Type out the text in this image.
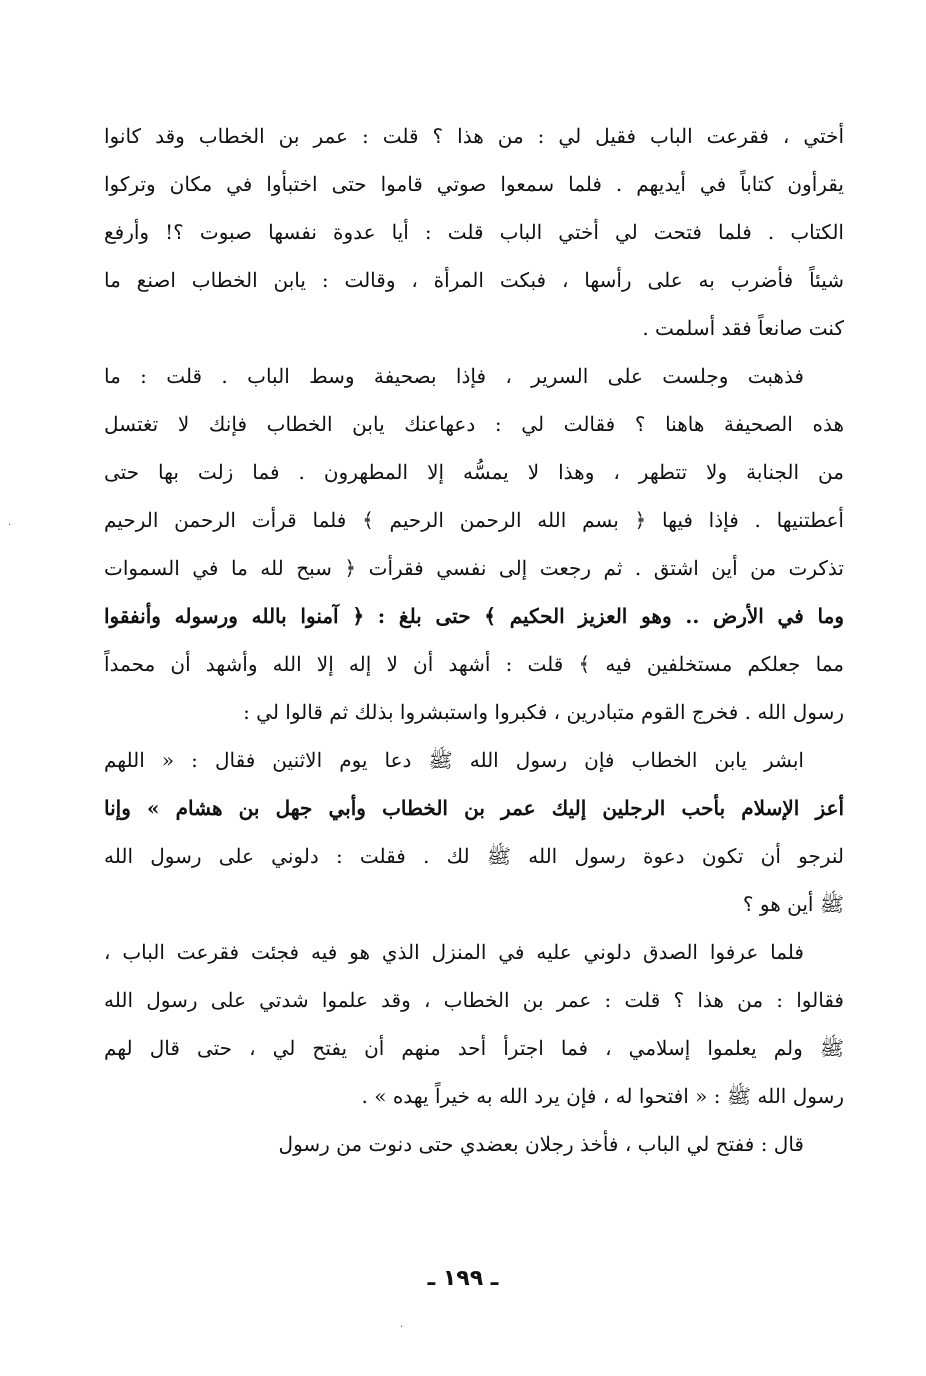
أختي ، فقرعت الباب فقيل لي : من هذا ؟ قلت : عمر بن الخطاب وقد كانوا
يقرأون كتاباً في أيديهم . فلما سمعوا صوتي قاموا حتى اختبأوا في مكان وتركوا
الكتاب . فلما فتحت لي أختي الباب قلت : أيا عدوة نفسها صبوت ؟! وأرفع
شيئاً فأضرب به على رأسها ، فبكت المرأة ، وقالت : يابن الخطاب اصنع ما
كنت صانعاً فقد أسلمت .
فذهبت وجلست على السرير ، فإذا بصحيفة وسط الباب . قلت : ما
هذه الصحيفة هاهنا ؟ فقالت لي : دعهاعنك يابن الخطاب فإنك لا تغتسل
من الجنابة ولا تتطهر ، وهذا لا يمسُّه إلا المطهرون . فما زلت بها حتى
أعطتنيها . فإذا فيها ﴿ بسم الله الرحمن الرحيم ﴾ فلما قرأت الرحمن الرحيم
تذكرت من أين اشتق . ثم رجعت إلى نفسي فقرأت ﴿ سبح لله ما في السموات
وما في الأرض .. وهو العزيز الحكيم ﴾ حتى بلغ : ﴿ آمنوا بالله ورسوله وأنفقوا
مما جعلكم مستخلفين فيه ﴾ قلت : أشهد أن لا إله إلا الله وأشهد أن محمداً
رسول الله . فخرج القوم متبادرين ، فكبروا واستبشروا بذلك ثم قالوا لي :
ابشر يابن الخطاب فإن رسول الله ﷺ دعا يوم الاثنين فقال : « اللهم
أعز الإسلام بأحب الرجلين إليك عمر بن الخطاب وأبي جهل بن هشام » وإنا
لنرجو أن تكون دعوة رسول الله ﷺ لك . فقلت : دلوني على رسول الله
ﷺ أين هو ؟
فلما عرفوا الصدق دلوني عليه في المنزل الذي هو فيه فجئت فقرعت الباب ،
فقالوا : من هذا ؟ قلت : عمر بن الخطاب ، وقد علموا شدتي على رسول الله
ﷺ ولم يعلموا إسلامي ، فما اجترأ أحد منهم أن يفتح لي ، حتى قال لهم
رسول الله ﷺ : « افتحوا له ، فإن يرد الله به خيراً يهده » .
قال : ففتح لي الباب ، فأخذ رجلان بعضدي حتى دنوت من رسول
ـ ١٩٩ ـ
·
·
